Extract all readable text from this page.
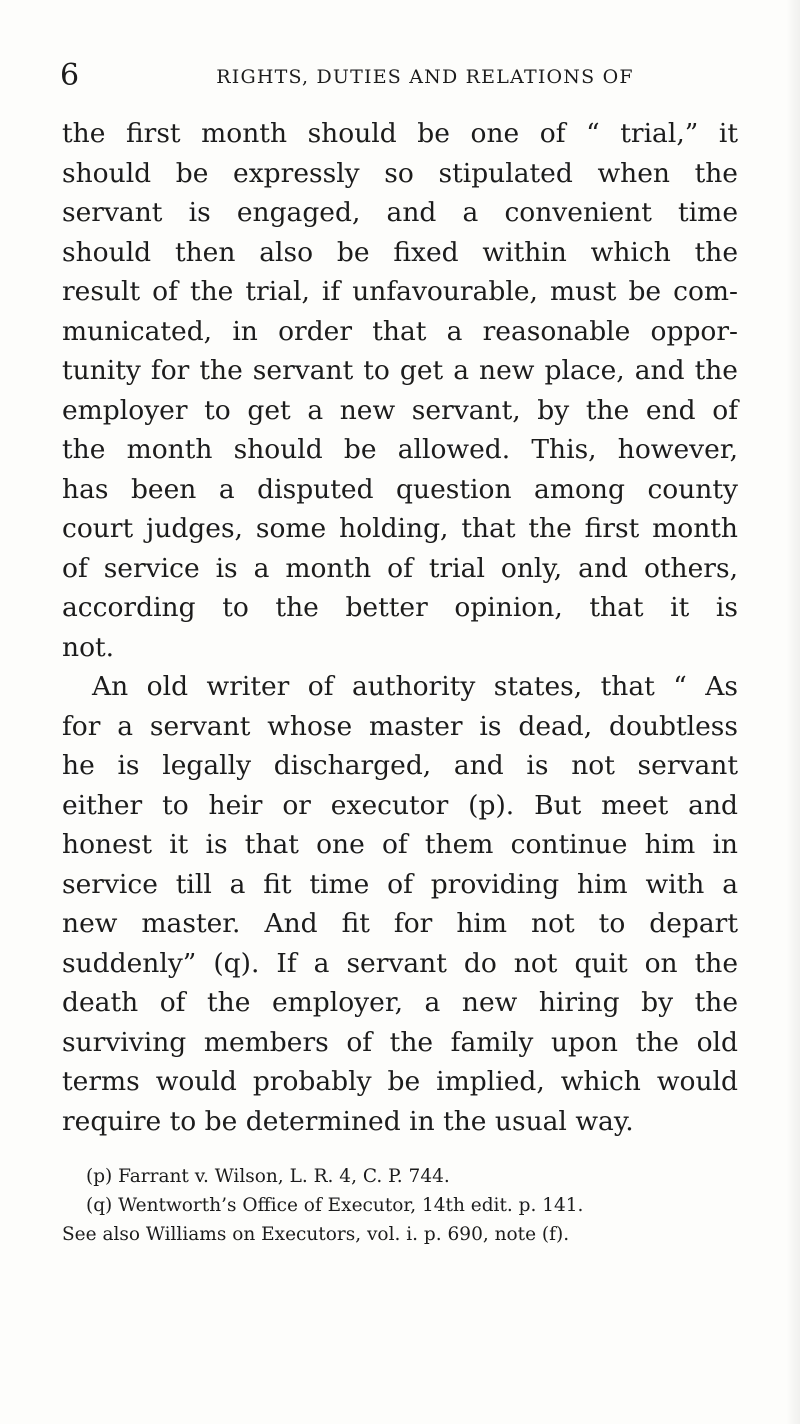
6	RIGHTS, DUTIES AND RELATIONS OF

the first month should be one of “ trial,” it
should be expressly so stipulated when the
servant is engaged, and a convenient time
should then also be fixed within which the
result of the trial, if unfavourable, must be com-
municated, in order that a reasonable oppor-
tunity for the servant to get a new place, and the
employer to get a new servant, by the end of
the month should be allowed. This, however,
has been a disputed question among county
court judges, some holding, that the first month
of service is a month of trial only, and others,
according to the better opinion, that it is
not.

An old writer of authority states, that “ As
for a servant whose master is dead, doubtless
he is legally discharged, and is not servant
either to heir or executor (p). But meet and
honest it is that one of them continue him in
service till a fit time of providing him with a
new master. And fit for him not to depart
suddenly” (q). If a servant do not quit on the
death of the employer, a new hiring by the
surviving members of the family upon the old
terms would probably be implied, which would
require to be determined in the usual way.

(p) Farrant v. Wilson, L. R. 4, C. P. 744.
(q) Wentworth’s Office of Executor, 14th edit. p. 141.
See also Williams on Executors, vol. i. p. 690, note (f).
